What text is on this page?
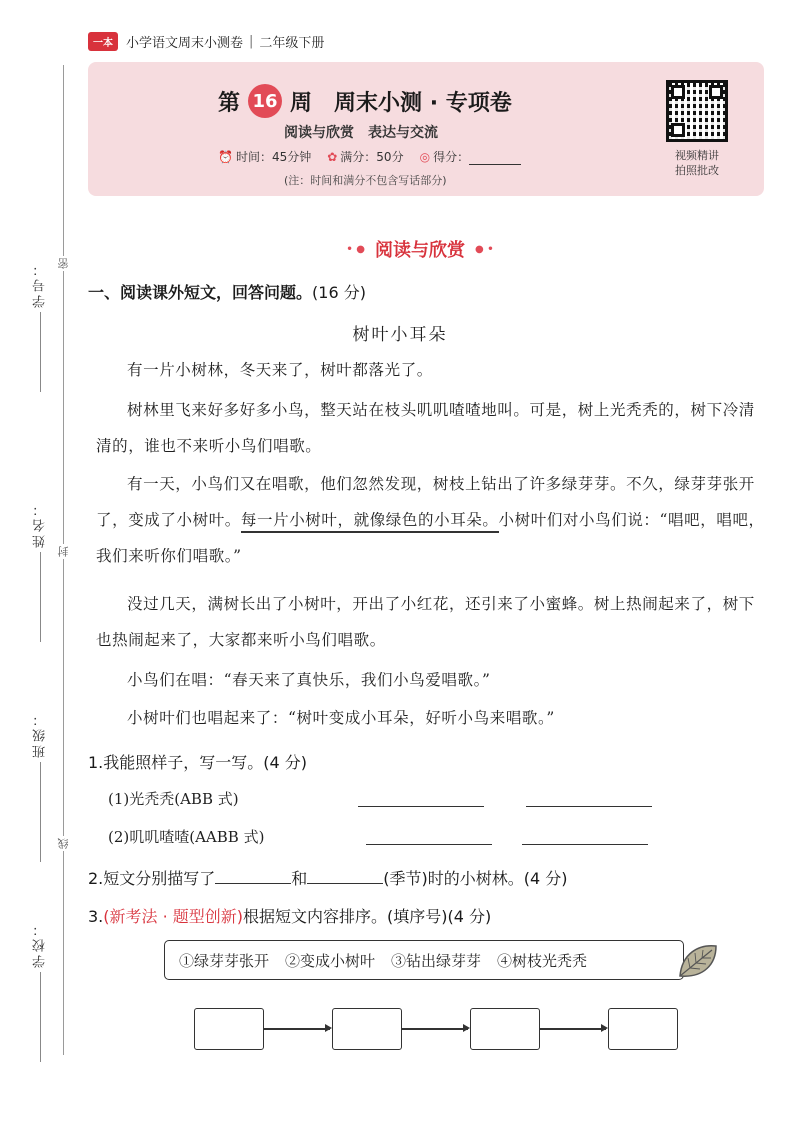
一本	小学语文周末小测卷 | 二年级下册
学号：
姓名：
班级：
学校：
密
封
线
第 16 周 周末小测 · 专项卷
阅读与欣赏　表达与交流
⏰ 时间：45分钟 ✿ 满分：50分 ◎ 得分：
(注：时间和满分不包含写话部分)
视频精讲
拍照批改
• ● 阅读与欣赏 ● •
一、阅读课外短文，回答问题。(16 分)
树叶小耳朵

有一片小树林，冬天来了，树叶都落光了。

树林里飞来好多好多小鸟，整天站在枝头叽叽喳喳地叫。可是，树上光秃秃的，树下冷清清的，谁也不来听小鸟们唱歌。

有一天，小鸟们又在唱歌，他们忽然发现，树枝上钻出了许多绿芽芽。不久，绿芽芽张开了，变成了小树叶。每一片小树叶，就像绿色的小耳朵。小树叶们对小鸟们说：“唱吧，唱吧，我们来听你们唱歌。”

没过几天，满树长出了小树叶，开出了小红花，还引来了小蜜蜂。树上热闹起来了，树下也热闹起来了，大家都来听小鸟们唱歌。

小鸟们在唱：“春天来了真快乐，我们小鸟爱唱歌。”

小树叶们也唱起来了：“树叶变成小耳朵，好听小鸟来唱歌。”

1.我能照样子，写一写。(4 分)
(1)光秃秃(ABB 式)
(2)叽叽喳喳(AABB 式)
2.短文分别描写了	和	(季节)时的小树林。(4 分)
3.(新考法 · 题型创新)根据短文内容排序。(填序号)(4 分)
①绿芽芽张开 ②变成小树叶 ③钻出绿芽芽 ④树枝光秃秃
